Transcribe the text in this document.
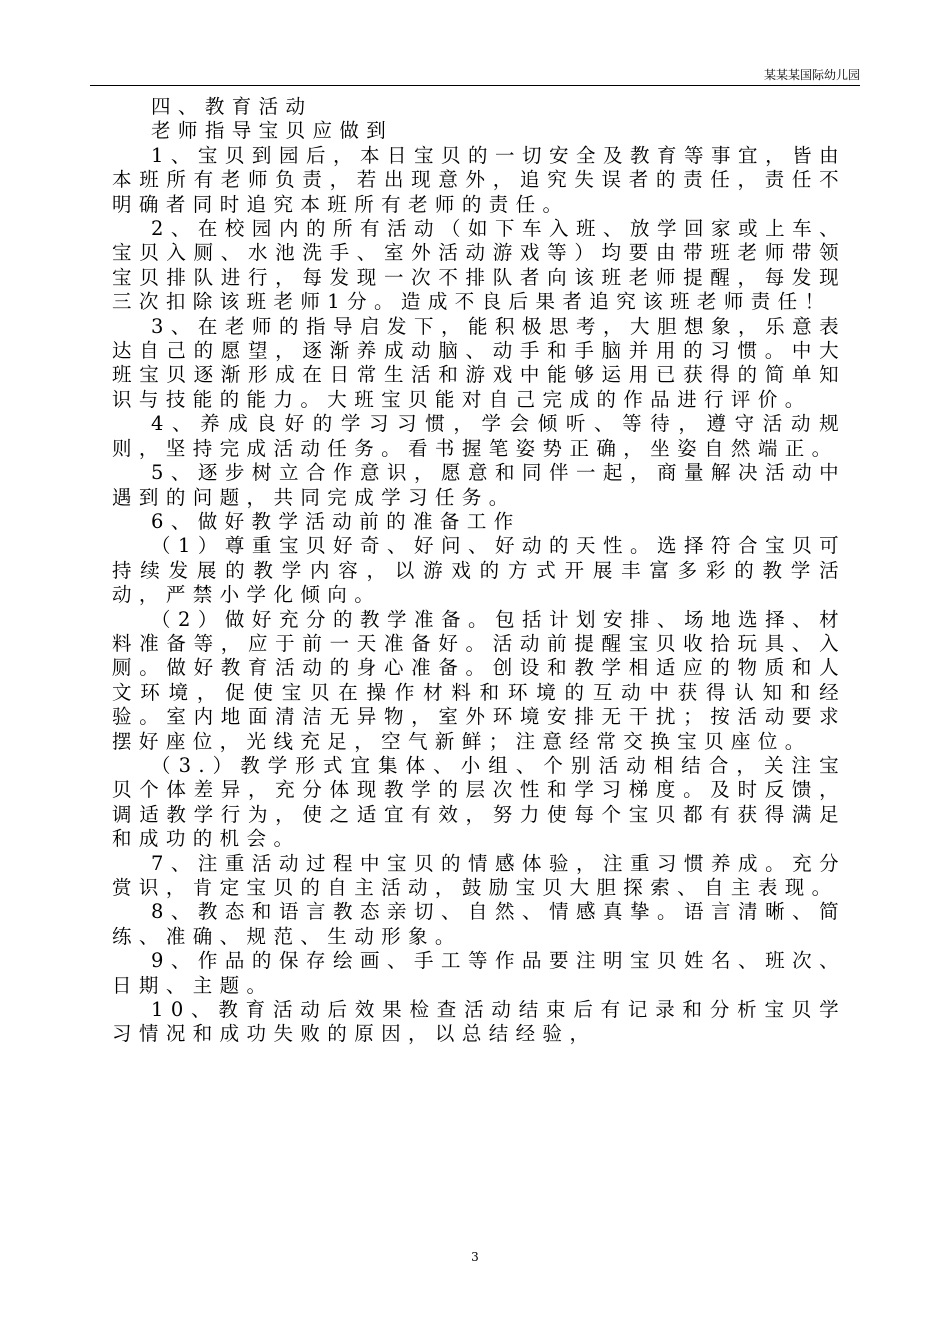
某某某国际幼儿园

四、教育活动

老师指导宝贝应做到

1、宝贝到园后，本日宝贝的一切安全及教育等事宜，皆由本班所有老师负责，若出现意外，追究失误者的责任，责任不明确者同时追究本班所有老师的责任。

2、在校园内的所有活动（如下车入班、放学回家或上车、宝贝入厕、水池洗手、室外活动游戏等）均要由带班老师带领宝贝排队进行，每发现一次不排队者向该班老师提醒，每发现三次扣除该班老师1分。造成不良后果者追究该班老师责任！

3、在老师的指导启发下，能积极思考，大胆想象，乐意表达自己的愿望，逐渐养成动脑、动手和手脑并用的习惯。中大班宝贝逐渐形成在日常生活和游戏中能够运用已获得的简单知识与技能的能力。大班宝贝能对自己完成的作品进行评价。

4、养成良好的学习习惯，学会倾听、等待，遵守活动规则，坚持完成活动任务。看书握笔姿势正确，坐姿自然端正。

5、逐步树立合作意识，愿意和同伴一起，商量解决活动中遇到的问题，共同完成学习任务。

6、做好教学活动前的准备工作

（1）尊重宝贝好奇、好问、好动的天性。选择符合宝贝可持续发展的教学内容，以游戏的方式开展丰富多彩的教学活动，严禁小学化倾向。

（2）做好充分的教学准备。包括计划安排、场地选择、材料准备等，应于前一天准备好。活动前提醒宝贝收拾玩具、入厕。做好教育活动的身心准备。创设和教学相适应的物质和人文环境，促使宝贝在操作材料和环境的互动中获得认知和经验。室内地面清洁无异物，室外环境安排无干扰；按活动要求摆好座位，光线充足，空气新鲜；注意经常交换宝贝座位。

（3.）教学形式宜集体、小组、个别活动相结合，关注宝贝个体差异，充分体现教学的层次性和学习梯度。及时反馈，调适教学行为，使之适宜有效，努力使每个宝贝都有获得满足和成功的机会。

7、注重活动过程中宝贝的情感体验，注重习惯养成。充分赏识，肯定宝贝的自主活动，鼓励宝贝大胆探索、自主表现。

8、教态和语言教态亲切、自然、情感真挚。语言清晰、简练、准确、规范、生动形象。

9、作品的保存绘画、手工等作品要注明宝贝姓名、班次、日期、主题。

10、教育活动后效果检查活动结束后有记录和分析宝贝学习情况和成功失败的原因，以总结经验，

3
